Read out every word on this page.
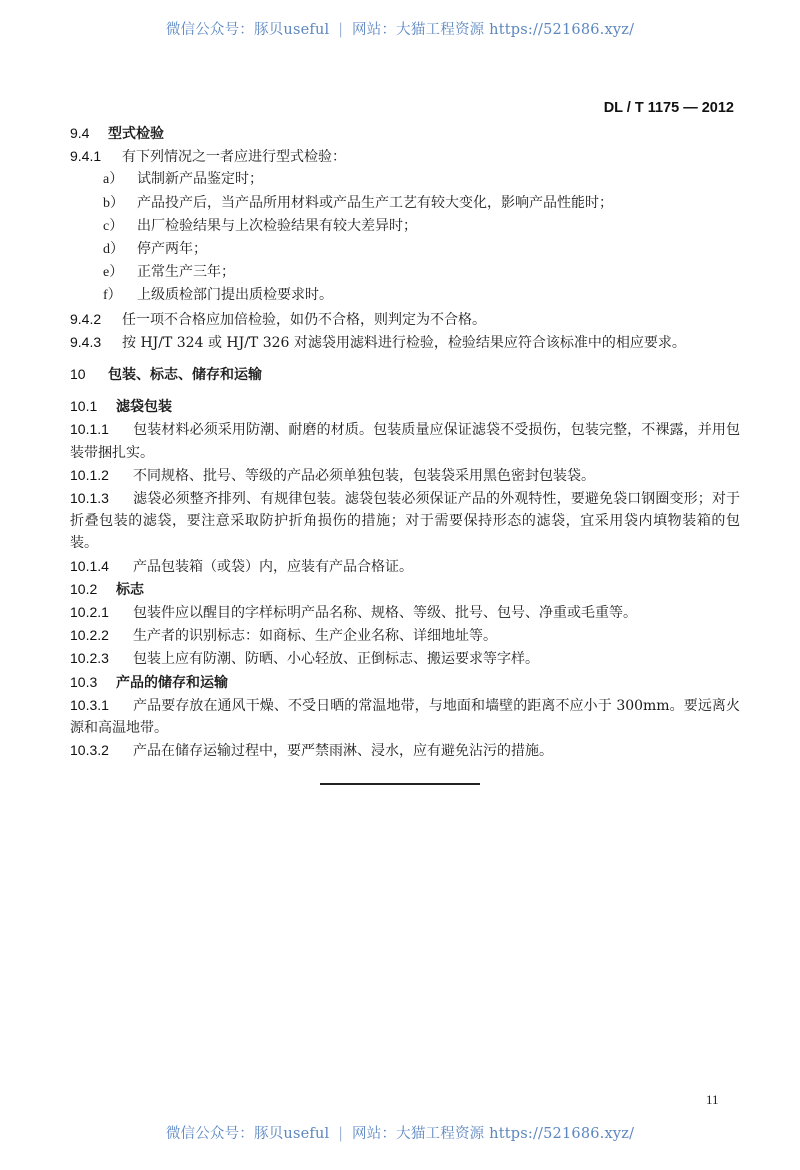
微信公众号：豚贝useful | 网站：大猫工程资源 https://521686.xyz/
DL / T 1175 — 2012
9.4 型式检验
9.4.1 有下列情况之一者应进行型式检验：
a） 试制新产品鉴定时；
b） 产品投产后，当产品所用材料或产品生产工艺有较大变化，影响产品性能时；
c） 出厂检验结果与上次检验结果有较大差异时；
d） 停产两年；
e） 正常生产三年；
f） 上级质检部门提出质检要求时。
9.4.2 任一项不合格应加倍检验，如仍不合格，则判定为不合格。
9.4.3 按 HJ/T 324 或 HJ/T 326 对滤袋用滤料进行检验，检验结果应符合该标准中的相应要求。
10 包装、标志、储存和运输
10.1 滤袋包装
10.1.1 包装材料必须采用防潮、耐磨的材质。包装质量应保证滤袋不受损伤，包装完整，不裸露，并用包装带捆扎实。
10.1.2 不同规格、批号、等级的产品必须单独包装，包装袋采用黑色密封包装袋。
10.1.3 滤袋必须整齐排列、有规律包装。滤袋包装必须保证产品的外观特性，要避免袋口钢圈变形；对于折叠包装的滤袋，要注意采取防护折角损伤的措施；对于需要保持形态的滤袋，宜采用袋内填物装箱的包装。
10.1.4 产品包装箱（或袋）内，应装有产品合格证。
10.2 标志
10.2.1 包装件应以醒目的字样标明产品名称、规格、等级、批号、包号、净重或毛重等。
10.2.2 生产者的识别标志：如商标、生产企业名称、详细地址等。
10.2.3 包装上应有防潮、防晒、小心轻放、正倒标志、搬运要求等字样。
10.3 产品的储存和运输
10.3.1 产品要存放在通风干燥、不受日晒的常温地带，与地面和墙壁的距离不应小于 300mm。要远离火源和高温地带。
10.3.2 产品在储存运输过程中，要严禁雨淋、浸水，应有避免沾污的措施。
11
微信公众号：豚贝useful | 网站：大猫工程资源 https://521686.xyz/
